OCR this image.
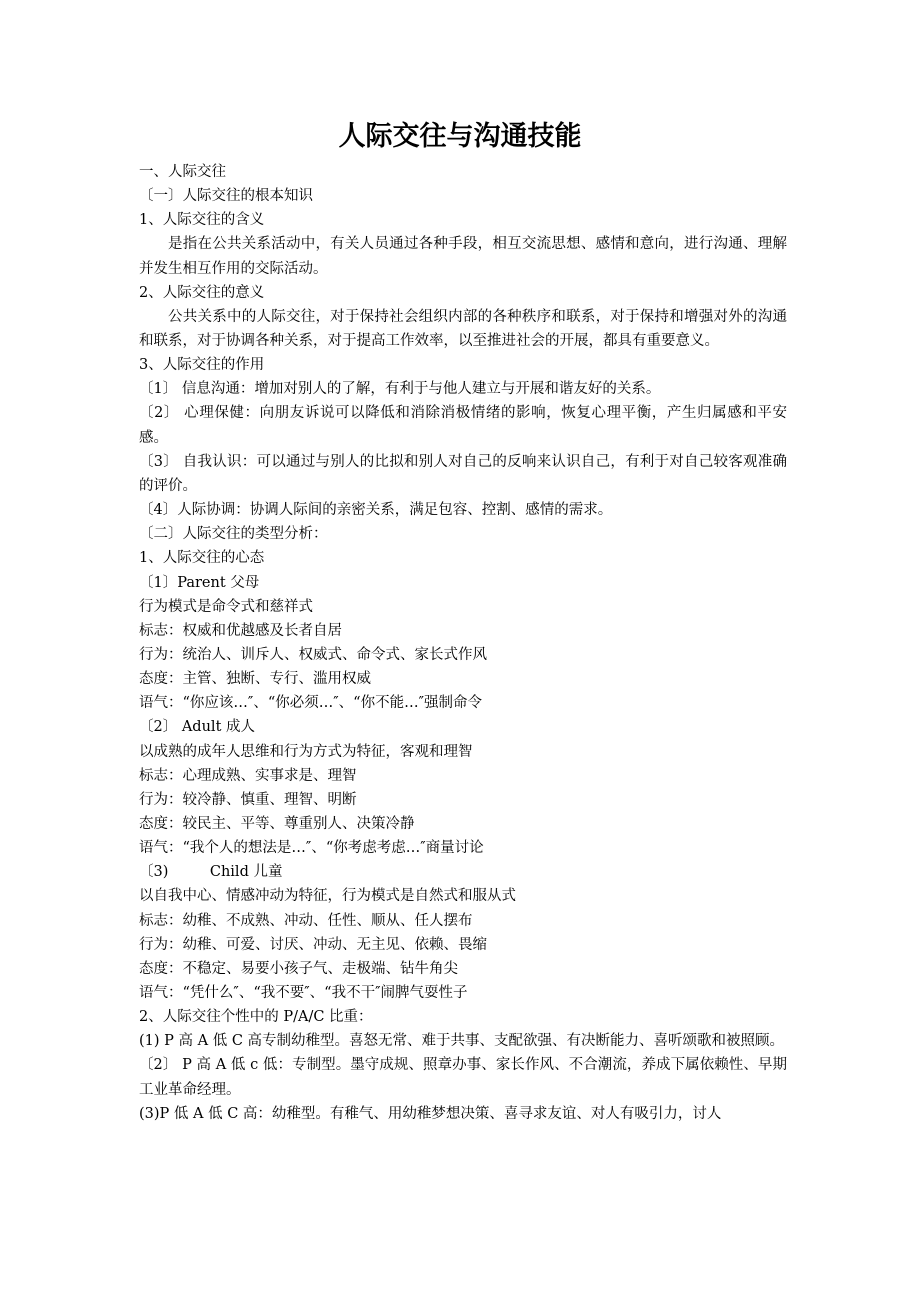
人际交往与沟通技能
一、人际交往
〔一〕人际交往的根本知识
1、人际交往的含义
是指在公共关系活动中，有关人员通过各种手段，相互交流思想、感情和意向，进行沟通、理解并发生相互作用的交际活动。
2、人际交往的意义
公共关系中的人际交往，对于保持社会组织内部的各种秩序和联系，对于保持和增强对外的沟通和联系，对于协调各种关系，对于提高工作效率，以至推进社会的开展，都具有重要意义。
3、人际交往的作用
〔1〕 信息沟通：增加对别人的了解，有利于与他人建立与开展和谐友好的关系。
〔2〕 心理保健：向朋友诉说可以降低和消除消极情绪的影响，恢复心理平衡，产生归属感和平安感。
〔3〕 自我认识：可以通过与别人的比拟和别人对自己的反响来认识自己，有利于对自己较客观准确的评价。
〔4〕人际协调：协调人际间的亲密关系，满足包容、控割、感情的需求。
〔二〕人际交往的类型分析：
1、人际交往的心态
〔1〕Parent 父母
行为模式是命令式和慈祥式
标志：权威和优越感及长者自居
行为：统治人、训斥人、权威式、命令式、家长式作风
态度：主管、独断、专行、滥用权威
语气：“你应该…″、“你必须…″、“你不能…″强制命令
〔2〕 Adult 成人
以成熟的成年人思维和行为方式为特征，客观和理智
标志：心理成熟、实事求是、理智
行为：较冷静、慎重、理智、明断
态度：较民主、平等、尊重别人、决策冷静
语气：“我个人的想法是…″、“你考虑考虑…″商量讨论
〔3)         Child 儿童
以自我中心、情感冲动为特征，行为模式是自然式和服从式
标志：幼稚、不成熟、冲动、任性、顺从、任人摆布
行为：幼稚、可爱、讨厌、冲动、无主见、依赖、畏缩
态度：不稳定、易要小孩子气、走极端、钻牛角尖
语气：“凭什么″、“我不要″、“我不干″闹脾气耍性子
2、人际交往个性中的 P/A/C 比重：
(1) P 高 A 低 C 高专制幼稚型。喜怒无常、难于共事、支配欲强、有决断能力、喜听颂歌和被照顾。
〔2〕 P 高 A 低 c 低：专制型。墨守成规、照章办事、家长作风、不合潮流，养成下属依赖性、早期工业革命经理。
(3)P 低 A 低 C 高：幼稚型。有稚气、用幼稚梦想决策、喜寻求友谊、对人有吸引力，讨人
